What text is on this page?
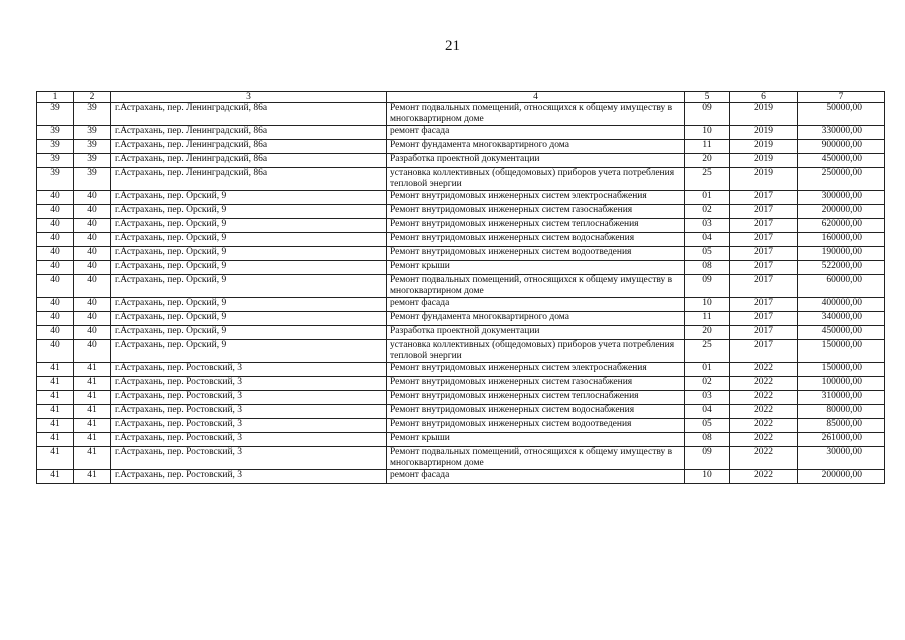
21
1	2	3	4	5	6	7
39	39	г.Астрахань, пер. Ленинградский, 86а	Ремонт подвальных помещений, относящихся к общему имуществу в многоквартирном доме	09	2019	50000,00
39	39	г.Астрахань, пер. Ленинградский, 86а	ремонт фасада	10	2019	330000,00
39	39	г.Астрахань, пер. Ленинградский, 86а	Ремонт фундамента многоквартирного дома	11	2019	900000,00
39	39	г.Астрахань, пер. Ленинградский, 86а	Разработка проектной документации	20	2019	450000,00
39	39	г.Астрахань, пер. Ленинградский, 86а	установка коллективных (общедомовых) приборов учета потребления тепловой энергии	25	2019	250000,00
40	40	г.Астрахань, пер. Орский, 9	Ремонт внутридомовых инженерных систем электроснабжения	01	2017	300000,00
40	40	г.Астрахань, пер. Орский, 9	Ремонт внутридомовых инженерных систем газоснабжения	02	2017	200000,00
40	40	г.Астрахань, пер. Орский, 9	Ремонт внутридомовых инженерных систем теплоснабжения	03	2017	620000,00
40	40	г.Астрахань, пер. Орский, 9	Ремонт внутридомовых инженерных систем водоснабжения	04	2017	160000,00
40	40	г.Астрахань, пер. Орский, 9	Ремонт внутридомовых инженерных систем водоотведения	05	2017	190000,00
40	40	г.Астрахань, пер. Орский, 9	Ремонт крыши	08	2017	522000,00
40	40	г.Астрахань, пер. Орский, 9	Ремонт подвальных помещений, относящихся к общему имуществу в многоквартирном доме	09	2017	60000,00
40	40	г.Астрахань, пер. Орский, 9	ремонт фасада	10	2017	400000,00
40	40	г.Астрахань, пер. Орский, 9	Ремонт фундамента многоквартирного дома	11	2017	340000,00
40	40	г.Астрахань, пер. Орский, 9	Разработка проектной документации	20	2017	450000,00
40	40	г.Астрахань, пер. Орский, 9	установка коллективных (общедомовых) приборов учета потребления тепловой энергии	25	2017	150000,00
41	41	г.Астрахань, пер. Ростовский, 3	Ремонт внутридомовых инженерных систем электроснабжения	01	2022	150000,00
41	41	г.Астрахань, пер. Ростовский, 3	Ремонт внутридомовых инженерных систем газоснабжения	02	2022	100000,00
41	41	г.Астрахань, пер. Ростовский, 3	Ремонт внутридомовых инженерных систем теплоснабжения	03	2022	310000,00
41	41	г.Астрахань, пер. Ростовский, 3	Ремонт внутридомовых инженерных систем водоснабжения	04	2022	80000,00
41	41	г.Астрахань, пер. Ростовский, 3	Ремонт внутридомовых инженерных систем водоотведения	05	2022	85000,00
41	41	г.Астрахань, пер. Ростовский, 3	Ремонт крыши	08	2022	261000,00
41	41	г.Астрахань, пер. Ростовский, 3	Ремонт подвальных помещений, относящихся к общему имуществу в многоквартирном доме	09	2022	30000,00
41	41	г.Астрахань, пер. Ростовский, 3	ремонт фасада	10	2022	200000,00
